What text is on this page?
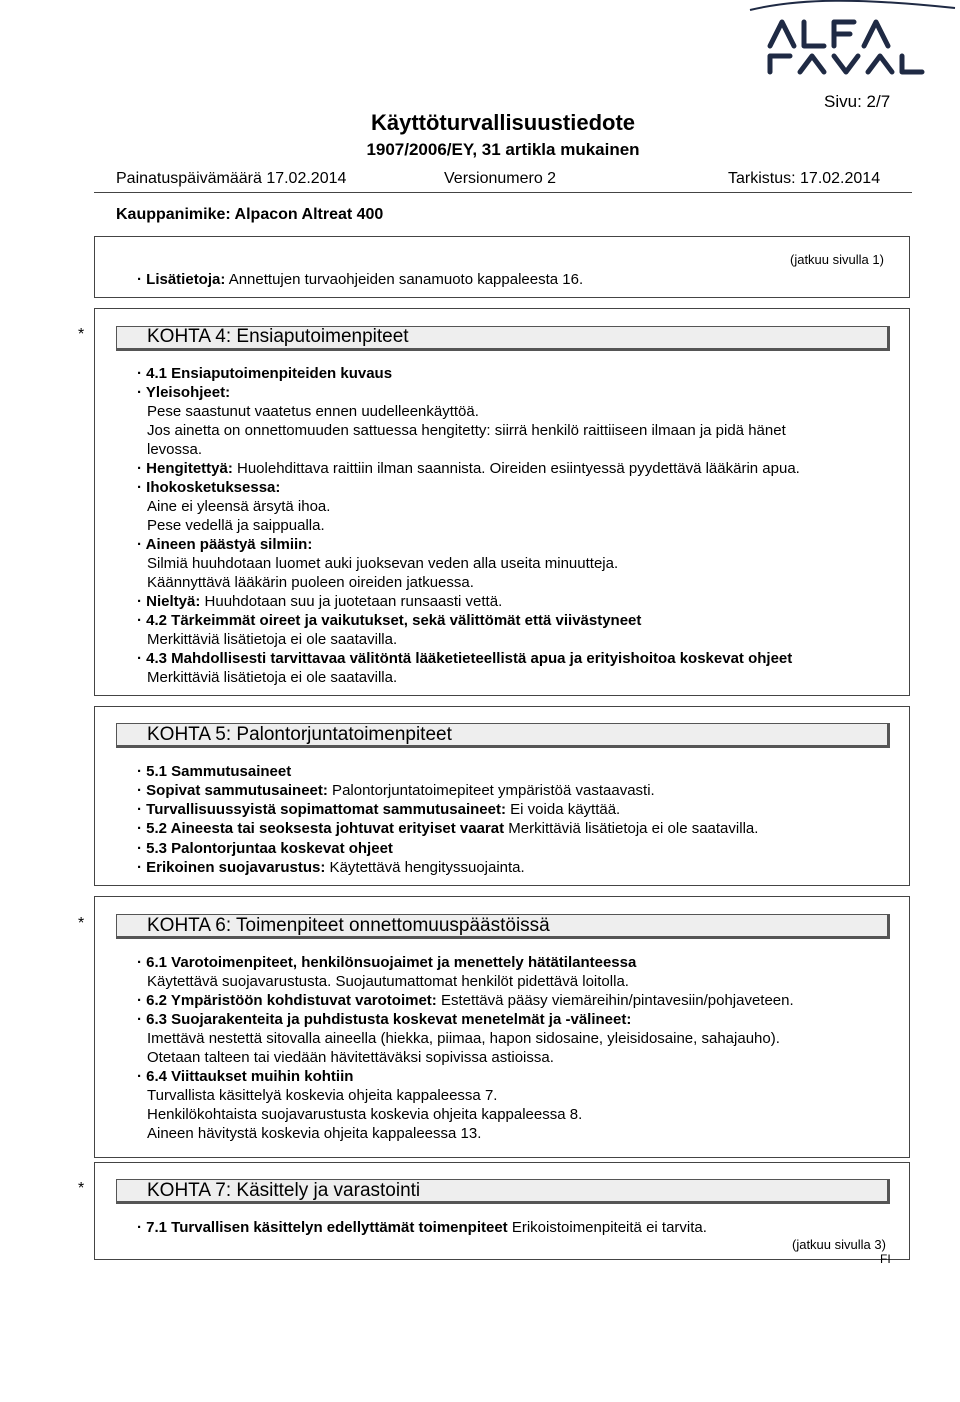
Sivu: 2/7
Käyttöturvallisuustiedote
1907/2006/EY, 31 artikla mukainen
Painatuspäivämäärä 17.02.2014	Versionumero 2	Tarkistus: 17.02.2014
Kauppanimike: Alpacon Altreat 400
(jatkuu sivulla 1)
· Lisätietoja: Annettujen turvaohjeiden sanamuoto kappaleesta 16.
*	KOHTA 4: Ensiaputoimenpiteet
· 4.1 Ensiaputoimenpiteiden kuvaus
· Yleisohjeet:
Pese saastunut vaatetus ennen uudelleenkäyttöä.
Jos ainetta on onnettomuuden sattuessa hengitetty: siirrä henkilö raittiiseen ilmaan ja pidä hänet
levossa.
· Hengitettyä: Huolehdittava raittiin ilman saannista. Oireiden esiintyessä pyydettävä lääkärin apua.
· Ihokosketuksessa:
Aine ei yleensä ärsytä ihoa.
Pese vedellä ja saippualla.
· Aineen päästyä silmiin:
Silmiä huuhdotaan luomet auki juoksevan veden alla useita minuutteja.
Käännyttävä lääkärin puoleen oireiden jatkuessa.
· Nieltyä: Huuhdotaan suu ja juotetaan runsaasti vettä.
· 4.2 Tärkeimmät oireet ja vaikutukset, sekä välittömät että viivästyneet
Merkittäviä lisätietoja ei ole saatavilla.
· 4.3 Mahdollisesti tarvittavaa välitöntä lääketieteellistä apua ja erityishoitoa koskevat ohjeet
Merkittäviä lisätietoja ei ole saatavilla.
KOHTA 5: Palontorjuntatoimenpiteet
· 5.1 Sammutusaineet
· Sopivat sammutusaineet: Palontorjuntatoimepiteet ympäristöä vastaavasti.
· Turvallisuussyistä sopimattomat sammutusaineet: Ei voida käyttää.
· 5.2 Aineesta tai seoksesta johtuvat erityiset vaarat Merkittäviä lisätietoja ei ole saatavilla.
· 5.3 Palontorjuntaa koskevat ohjeet
· Erikoinen suojavarustus: Käytettävä hengityssuojainta.
*	KOHTA 6: Toimenpiteet onnettomuuspäästöissä
· 6.1 Varotoimenpiteet, henkilönsuojaimet ja menettely hätätilanteessa
Käytettävä suojavarustusta. Suojautumattomat henkilöt pidettävä loitolla.
· 6.2 Ympäristöön kohdistuvat varotoimet: Estettävä pääsy viemäreihin/pintavesiin/pohjaveteen.
· 6.3 Suojarakenteita ja puhdistusta koskevat menetelmät ja -välineet:
Imettävä nestettä sitovalla aineella (hiekka, piimaa, hapon sidosaine, yleisidosaine, sahajauho).
Otetaan talteen tai viedään hävitettäväksi sopivissa astioissa.
· 6.4 Viittaukset muihin kohtiin
Turvallista käsittelyä koskevia ohjeita kappaleessa 7.
Henkilökohtaista suojavarustusta koskevia ohjeita kappaleessa 8.
Aineen hävitystä koskevia ohjeita kappaleessa 13.
*	KOHTA 7: Käsittely ja varastointi
· 7.1 Turvallisen käsittelyn edellyttämät toimenpiteet Erikoistoimenpiteitä ei tarvita.
(jatkuu sivulla 3)
FI
